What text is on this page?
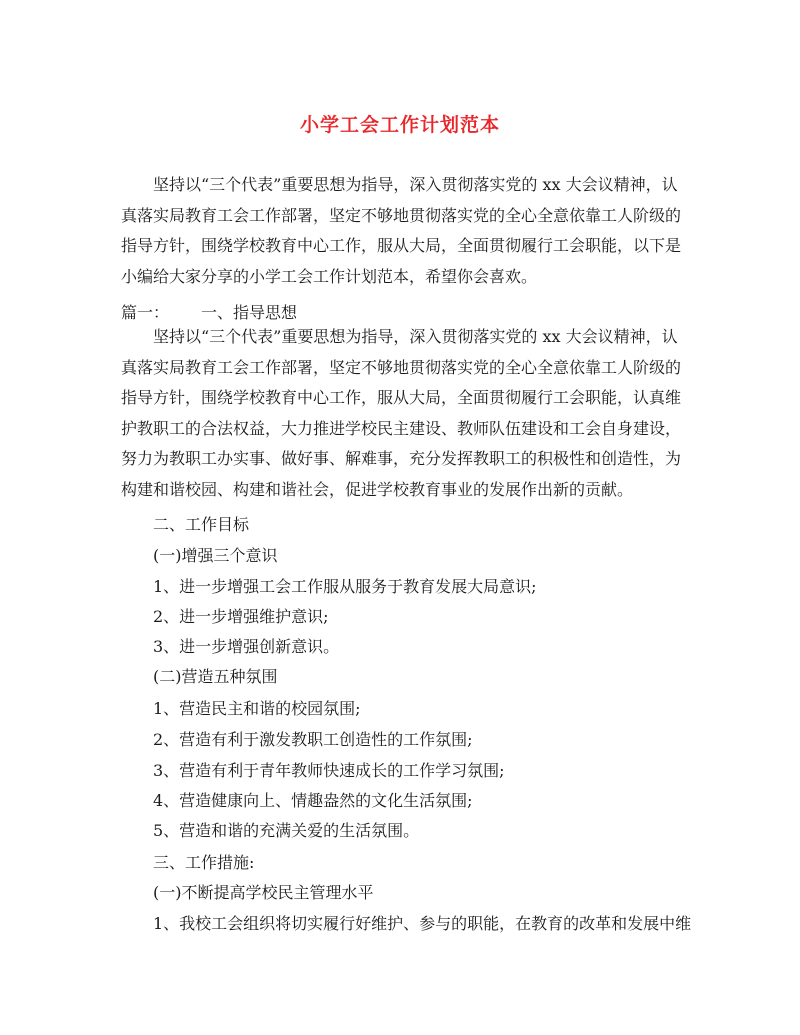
小学工会工作计划范本
坚持以“三个代表”重要思想为指导，深入贯彻落实党的 xx 大会议精神，认
真落实局教育工会工作部署，坚定不够地贯彻落实党的全心全意依靠工人阶级的
指导方针，围绕学校教育中心工作，服从大局，全面贯彻履行工会职能，以下是
小编给大家分享的小学工会工作计划范本，希望你会喜欢。
篇一： 一、指导思想
坚持以“三个代表”重要思想为指导，深入贯彻落实党的 xx 大会议精神，认
真落实局教育工会工作部署，坚定不够地贯彻落实党的全心全意依靠工人阶级的
指导方针，围绕学校教育中心工作，服从大局，全面贯彻履行工会职能，认真维
护教职工的合法权益，大力推进学校民主建设、教师队伍建设和工会自身建设，
努力为教职工办实事、做好事、解难事，充分发挥教职工的积极性和创造性，为
构建和谐校园、构建和谐社会，促进学校教育事业的发展作出新的贡献。
二、工作目标
(一)增强三个意识
1、进一步增强工会工作服从服务于教育发展大局意识;
2、进一步增强维护意识;
3、进一步增强创新意识。
(二)营造五种氛围
1、营造民主和谐的校园氛围;
2、营造有利于激发教职工创造性的工作氛围;
3、营造有利于青年教师快速成长的工作学习氛围;
4、营造健康向上、情趣盎然的文化生活氛围;
5、营造和谐的充满关爱的生活氛围。
三、工作措施:
(一)不断提高学校民主管理水平
1、我校工会组织将切实履行好维护、参与的职能，在教育的改革和发展中维
